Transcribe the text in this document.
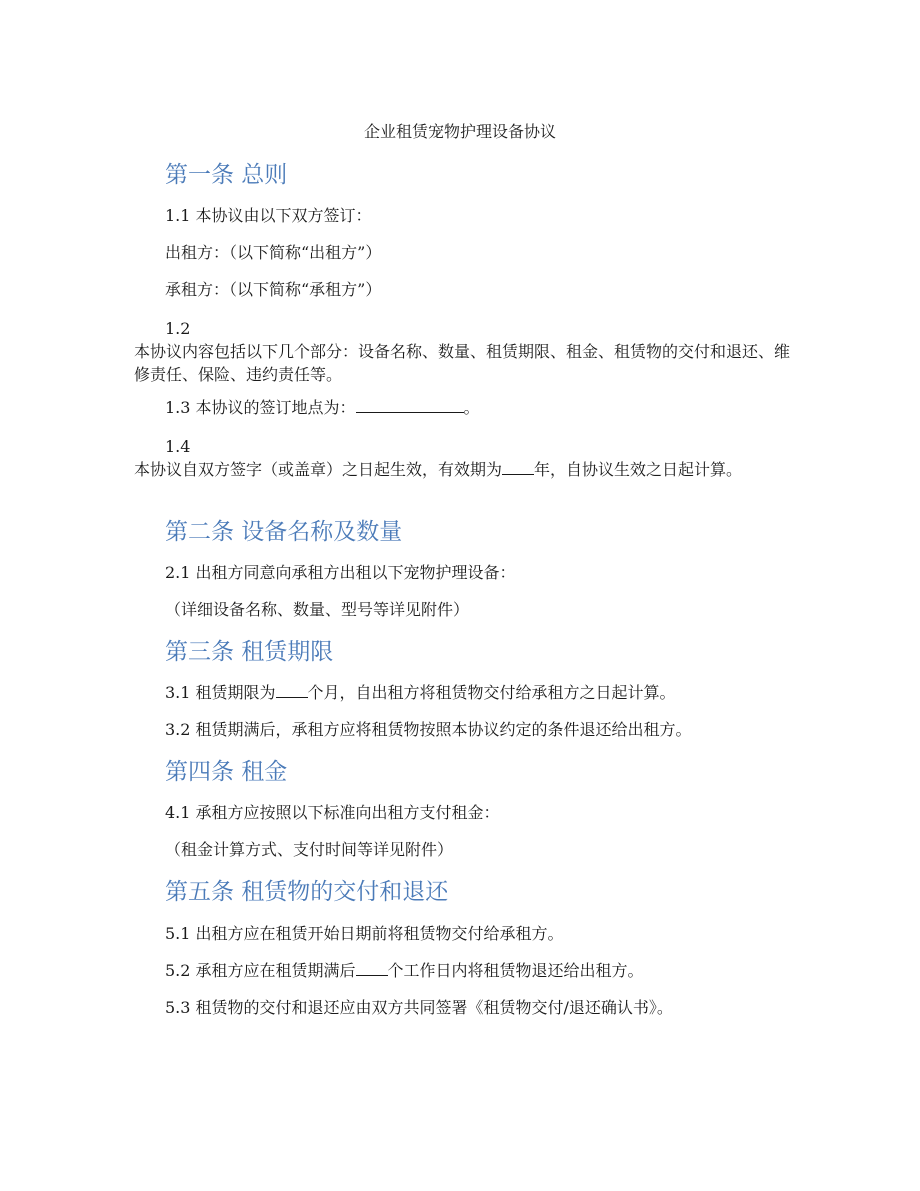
企业租赁宠物护理设备协议
第一条 总则
1.1 本协议由以下双方签订：
出租方：（以下简称“出租方”）
承租方：（以下简称“承租方”）
1.2
本协议内容包括以下几个部分：设备名称、数量、租赁期限、租金、租赁物的交付和退还、维修责任、保险、违约责任等。
1.3 本协议的签订地点为：	。
1.4
本协议自双方签字（或盖章）之日起生效，有效期为 年，自协议生效之日起计算。
第二条 设备名称及数量
2.1 出租方同意向承租方出租以下宠物护理设备：
（详细设备名称、数量、型号等详见附件）
第三条 租赁期限
3.1 租赁期限为 个月，自出租方将租赁物交付给承租方之日起计算。
3.2 租赁期满后，承租方应将租赁物按照本协议约定的条件退还给出租方。
第四条 租金
4.1 承租方应按照以下标准向出租方支付租金：
（租金计算方式、支付时间等详见附件）
第五条 租赁物的交付和退还
5.1 出租方应在租赁开始日期前将租赁物交付给承租方。
5.2 承租方应在租赁期满后 个工作日内将租赁物退还给出租方。
5.3 租赁物的交付和退还应由双方共同签署《租赁物交付/退还确认书》。
